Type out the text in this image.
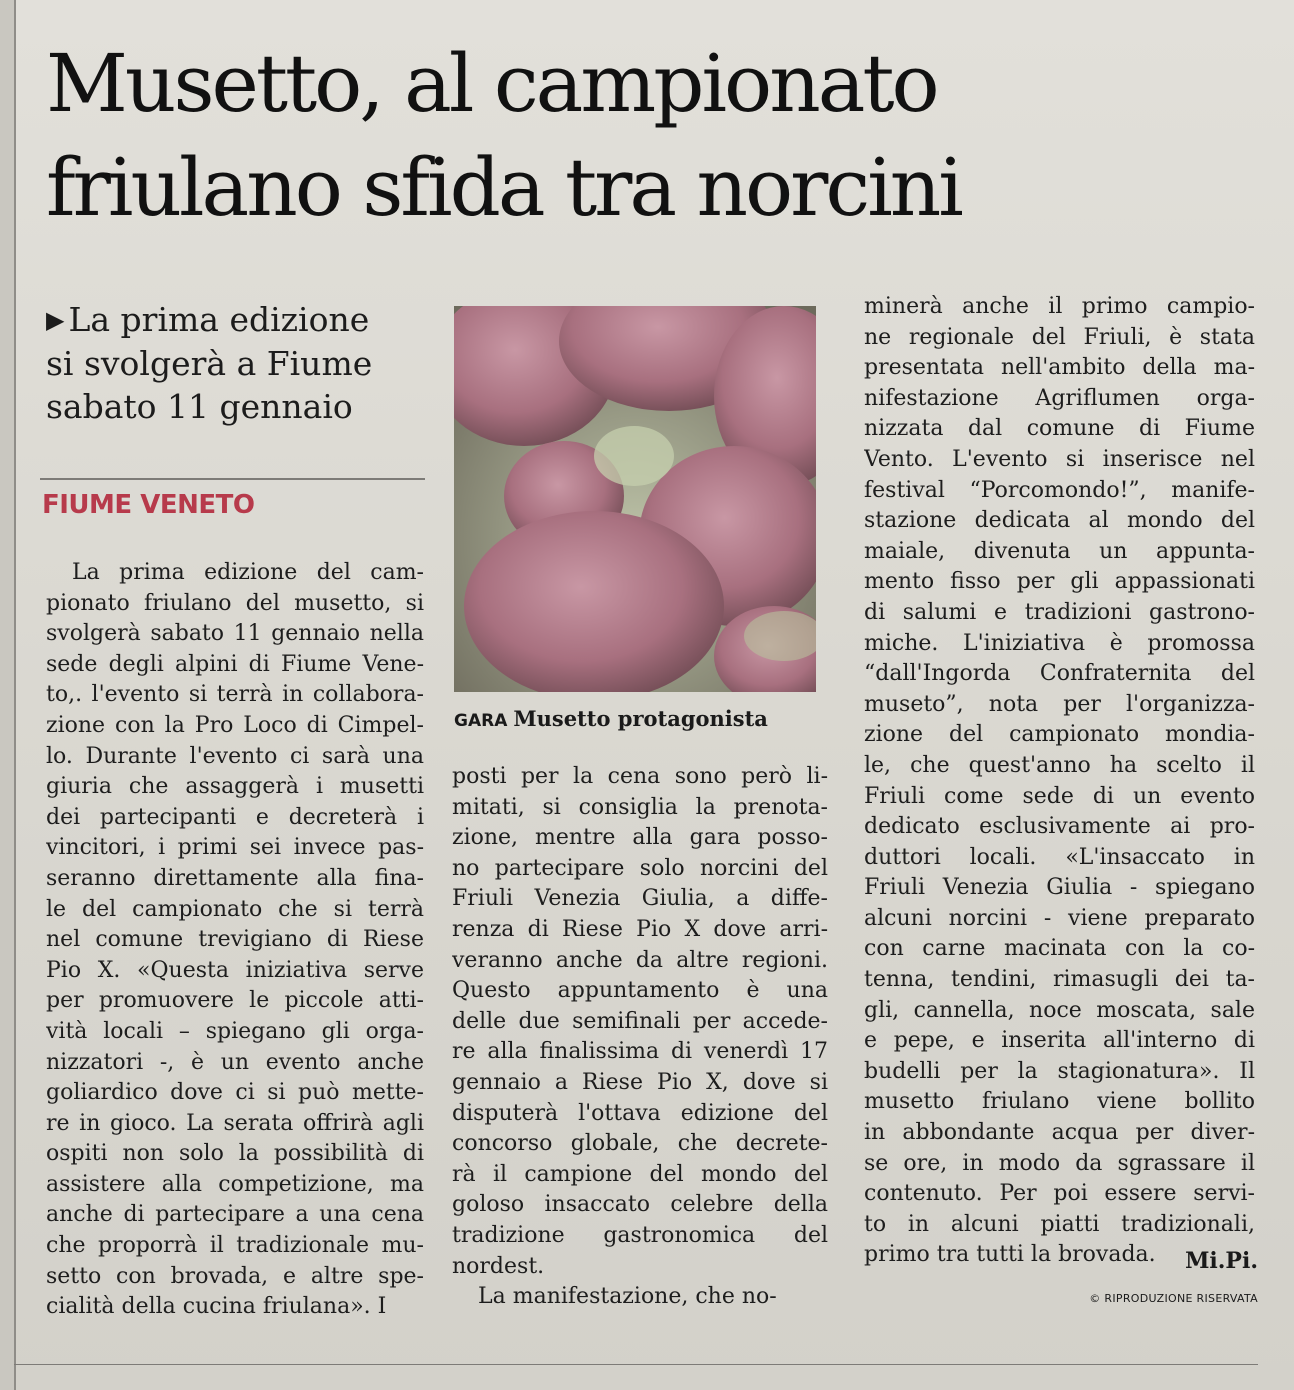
Musetto, al campionato
friulano sfida tra norcini
▶ La prima edizione
si svolgerà a Fiume
sabato 11 gennaio
FIUME VENETO
La prima edizione del cam-
pionato friulano del musetto, si
svolgerà sabato 11 gennaio nella
sede degli alpini di Fiume Vene-
to,. l'evento si terrà in collabora-
zione con la Pro Loco di Cimpel-
lo. Durante l'evento ci sarà una
giuria che assaggerà i musetti
dei partecipanti e decreterà i
vincitori, i primi sei invece pas-
seranno direttamente alla fina-
le del campionato che si terrà
nel comune trevigiano di Riese
Pio X. «Questa iniziativa serve
per promuovere le piccole atti-
vità locali – spiegano gli orga-
nizzatori -, è un evento anche
goliardico dove ci si può mette-
re in gioco. La serata offrirà agli
ospiti non solo la possibilità di
assistere alla competizione, ma
anche di partecipare a una cena
che proporrà il tradizionale mu-
setto con brovada, e altre spe-
cialità della cucina friulana». I
GARA Musetto protagonista
posti per la cena sono però li-
mitati, si consiglia la prenota-
zione, mentre alla gara posso-
no partecipare solo norcini del
Friuli Venezia Giulia, a diffe-
renza di Riese Pio X dove arri-
veranno anche da altre regioni.
Questo appuntamento è una
delle due semifinali per accede-
re alla finalissima di venerdì 17
gennaio a Riese Pio X, dove si
disputerà l'ottava edizione del
concorso globale, che decrete-
rà il campione del mondo del
goloso insaccato celebre della
tradizione gastronomica del
nordest.
La manifestazione, che no-
minerà anche il primo campio-
ne regionale del Friuli, è stata
presentata nell'ambito della ma-
nifestazione Agriflumen orga-
nizzata dal comune di Fiume
Vento. L'evento si inserisce nel
festival “Porcomondo!”, manife-
stazione dedicata al mondo del
maiale, divenuta un appunta-
mento fisso per gli appassionati
di salumi e tradizioni gastrono-
miche. L'iniziativa è promossa
“dall'Ingorda Confraternita del
museto”, nota per l'organizza-
zione del campionato mondia-
le, che quest'anno ha scelto il
Friuli come sede di un evento
dedicato esclusivamente ai pro-
duttori locali. «L'insaccato in
Friuli Venezia Giulia - spiegano
alcuni norcini - viene preparato
con carne macinata con la co-
tenna, tendini, rimasugli dei ta-
gli, cannella, noce moscata, sale
e pepe, e inserita all'interno di
budelli per la stagionatura». Il
musetto friulano viene bollito
in abbondante acqua per diver-
se ore, in modo da sgrassare il
contenuto. Per poi essere servi-
to in alcuni piatti tradizionali,
primo tra tutti la brovada.	Mi.Pi.
© RIPRODUZIONE RISERVATA
